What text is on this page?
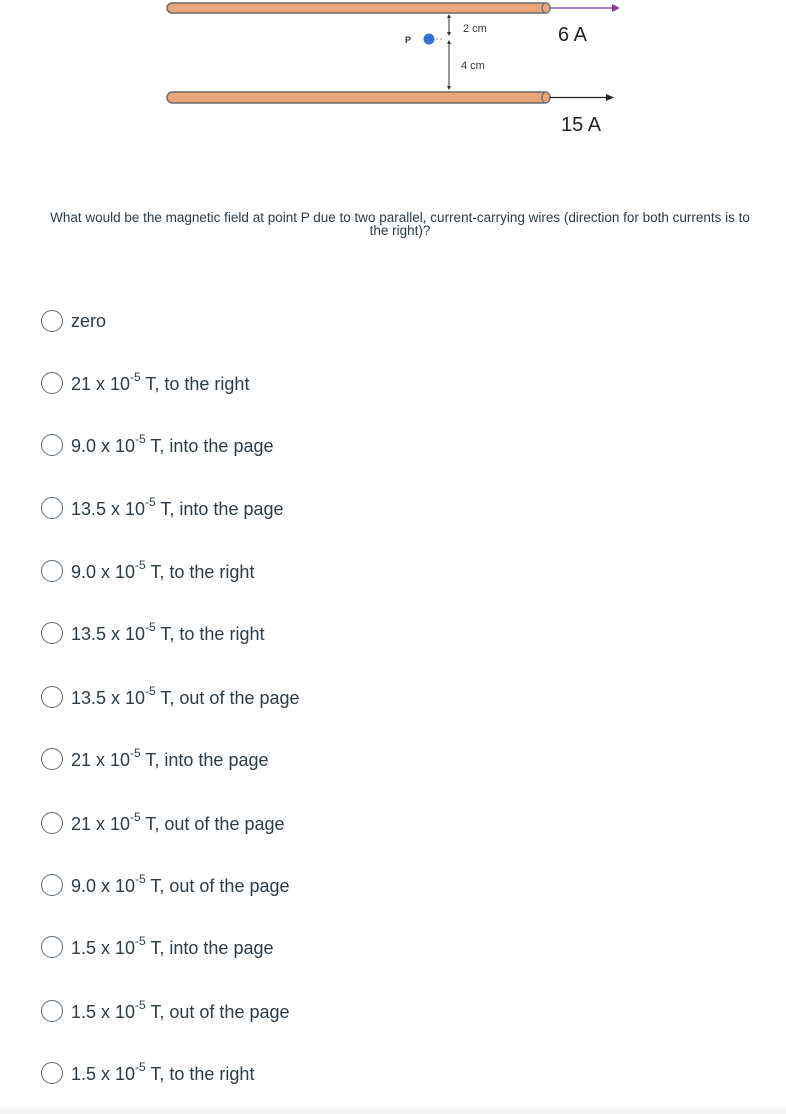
P
2 cm
4 cm
6 A
15 A
What would be the magnetic field at point P due to two parallel, current-carrying wires (direction for both currents is to the right)?
zero
21 x $10^{-5}$ T, to the right
9.0 x $10^{-5}$ T, into the page
13.5 x $10^{-5}$ T, into the page
9.0 x $10^{-5}$ T, to the right
13.5 x $10^{-5}$ T, to the right
13.5 x $10^{-5}$ T, out of the page
21 x $10^{-5}$ T, into the page
21 x $10^{-5}$ T, out of the page
9.0 x $10^{-5}$ T, out of the page
1.5 x $10^{-5}$ T, into the page
1.5 x $10^{-5}$ T, out of the page
1.5 x $10^{-5}$ T, to the right
